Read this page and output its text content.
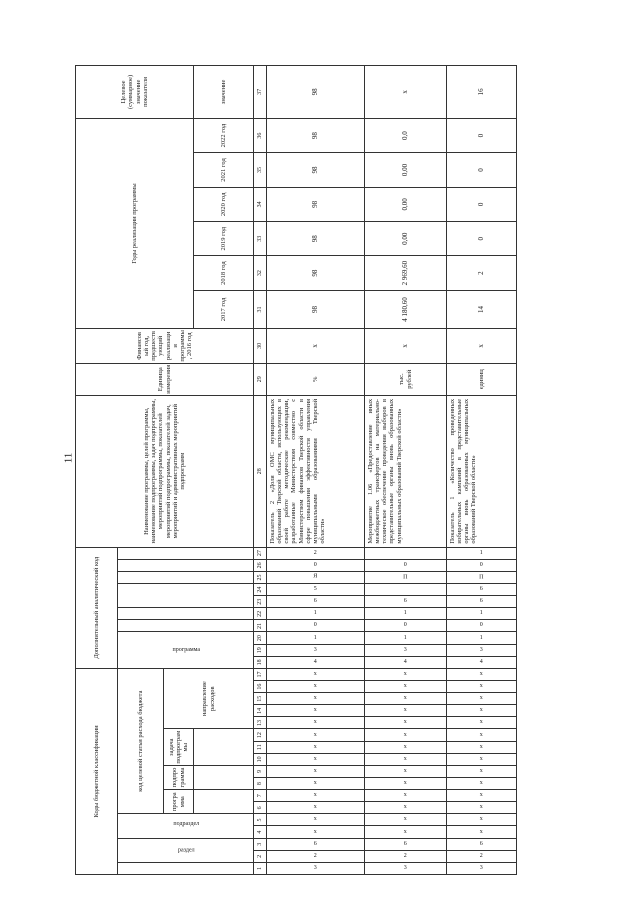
11
Коды бюджетной классификации																	Дополнительный аналитический код										Наименование программы, целей программы, наименование подпрограммы, задач подпрограммы, мероприятий подпрограммы, показателей мероприятий подпрограммы, показателей задач, мероприятий и административных мероприятий подпрограмм	Единица измерения	Финансовый год, предшествующий реализации программы, 2016 год	Годы реализации программы						Целевое (суммарное) значение показателя
	раздел		подраздел		код целевой статьи расхода бюджета												программа						
					программа		подпрограмма		задача подпрограммы			направление расходов																								
																														2017 год	2018 год	2019 год	2020 год	2021 год	2022 год	значение
1	2	3	4	5	6	7	8	9	10	11	12	13	14	15	16	17	18	19	20	21	22	23	24	25	26	27	28	29	30	31	32	33	34	35	36	37
3	2	6	х	х	х	х	х	х	х	х	х	х	х	х	х	х	4	3	1	0	1	6	5	Я	0	2	Показатель 2 «Доля ОМС муниципальных образований Тверской области, использующих в своей работе методические рекомендации, разработанные Министерством совместно с Министерством финансов Тверской области в сфере повышения эффективности управления муниципальными образованиями Тверской области»	%	х	98	98	98	98	98	98	98
3	2	6	х	х	х	х	х	х	х	х	х	х	х	х	х	х	4	3	1	0	1	6		П	0		Мероприятие 1.06 «Предоставление иных межбюджетных трансфертов на материально-техническое обеспечение проведения выборов в представительные органы вновь образованных муниципальных образований Тверской области»	тыс. рублей	х	4 180,60	2 969,60	0,00	0,00	0,00	0,0	х
3	2	6	х	х	х	х	х	х	х	х	х	х	х	х	х	х	4	3	1	0	1	6	6	П	0	1	Показатель 1 «Количество проведенных избирательных кампаний в представительные органы вновь образованных муниципальных образований Тверской области»	единиц	х	14	2	0	0	0	0	16
